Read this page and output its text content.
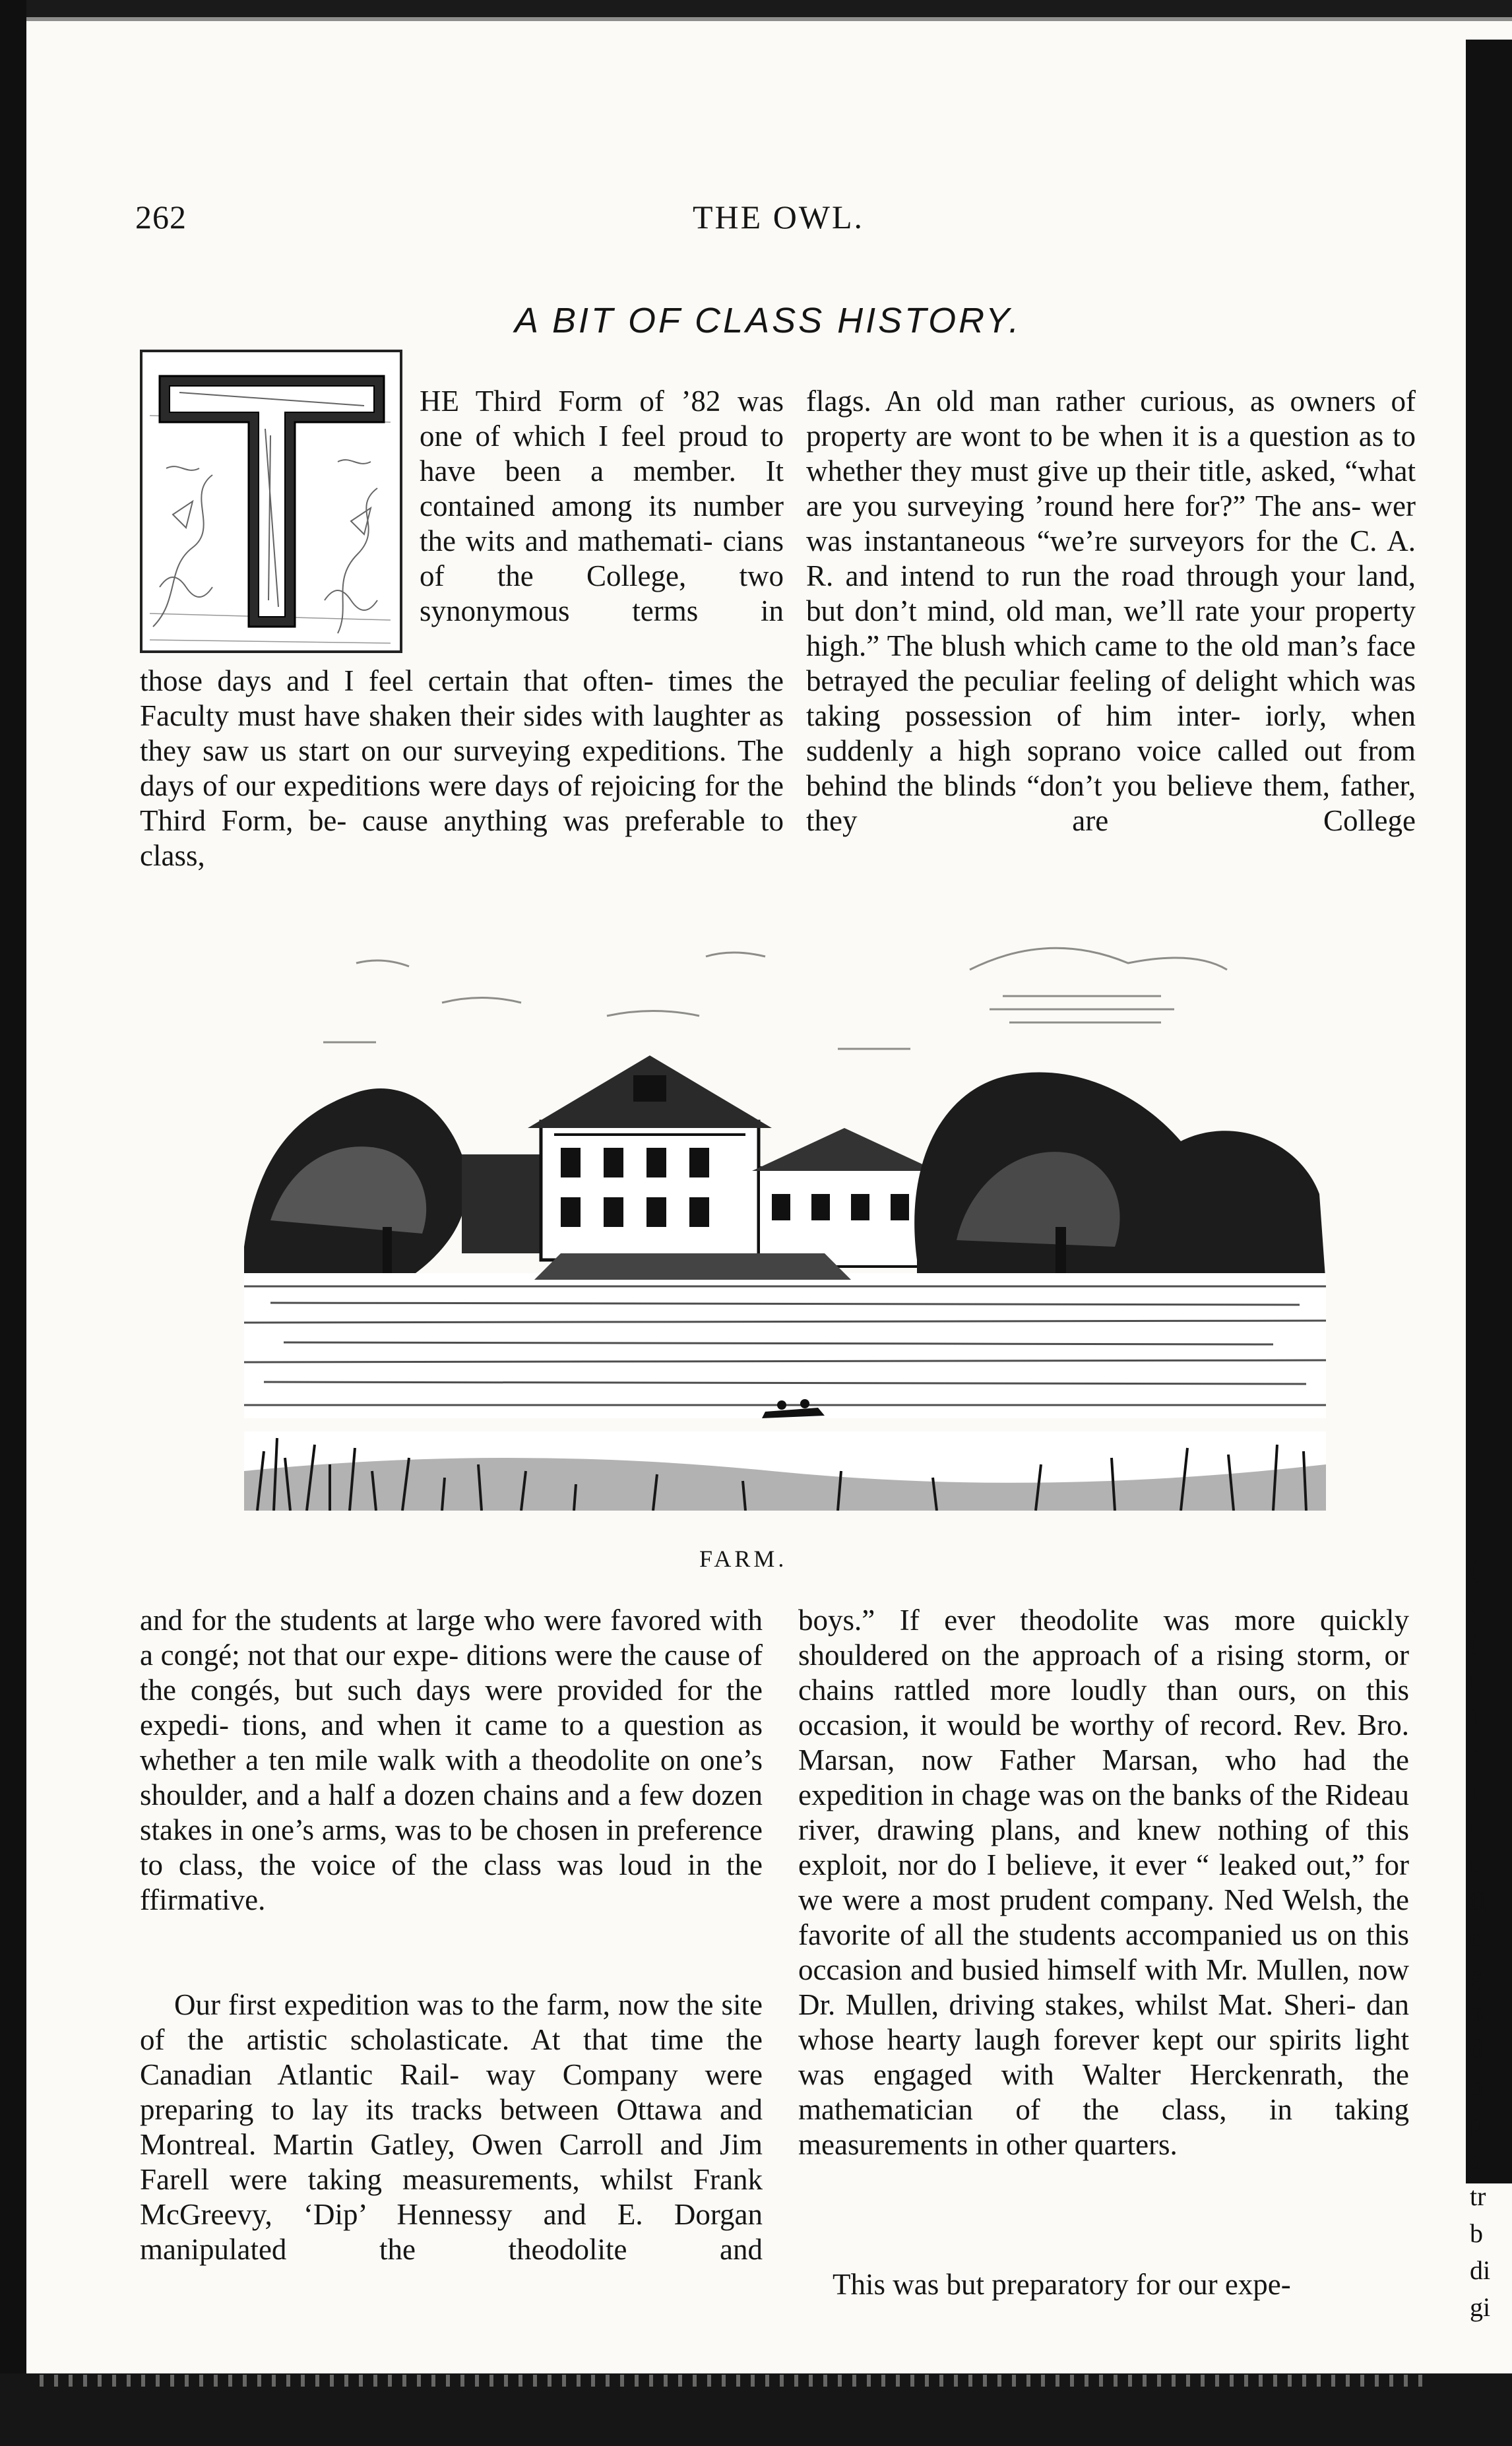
262	THE OWL.
A BIT OF CLASS HISTORY.

HE Third Form of ’82 was one of which I feel proud to have been a member. It contained among its number the wits and mathemati- cians of the College, two synonymous terms in

those days and I feel certain that often- times the Faculty must have shaken their sides with laughter as they saw us start on our surveying expeditions. The days of our expeditions were days of rejoicing for the Third Form, be- cause anything was preferable to class,

flags. An old man rather curious, as owners of property are wont to be when it is a question as to whether they must give up their title, asked, “what are you surveying ’round here for?” The ans- wer was instantaneous “we’re surveyors for the C. A. R. and intend to run the road through your land, but don’t mind, old man, we’ll rate your property high.” The blush which came to the old man’s face betrayed the peculiar feeling of delight which was taking possession of him inter- iorly, when suddenly a high soprano voice called out from behind the blinds “don’t you believe them, father, they are College

FARM.

and for the students at large who were favored with a congé; not that our expe- ditions were the cause of the congés, but such days were provided for the expedi- tions, and when it came to a question as whether a ten mile walk with a theodolite on one’s shoulder, and a half a dozen chains and a few dozen stakes in one’s arms, was to be chosen in preference to class, the voice of the class was loud in the ffirmative.

Our first expedition was to the farm, now the site of the artistic scholasticate. At that time the Canadian Atlantic Rail- way Company were preparing to lay its tracks between Ottawa and Montreal. Martin Gatley, Owen Carroll and Jim Farell were taking measurements, whilst Frank McGreevy, ‘Dip’ Hennessy and E. Dorgan manipulated the theodolite and

boys.” If ever theodolite was more quickly shouldered on the approach of a rising storm, or chains rattled more loudly than ours, on this occasion, it would be worthy of record. Rev. Bro. Marsan, now Father Marsan, who had the expedition in chage was on the banks of the Rideau river, drawing plans, and knew nothing of this exploit, nor do I believe, it ever “ leaked out,” for we were a most prudent company. Ned Welsh, the favorite of all the students accompanied us on this occasion and busied himself with Mr. Mullen, now Dr. Mullen, driving stakes, whilst Mat. Sheri- dan whose hearty laugh forever kept our spirits light was engaged with Walter Herckenrath, the mathematician of the class, in taking measurements in other quarters.

This was but preparatory for our expe-

(
:
(
t
1
r
i
t
t
fi
c
g
n
d
h
p
ai
tr
b
di
gi
